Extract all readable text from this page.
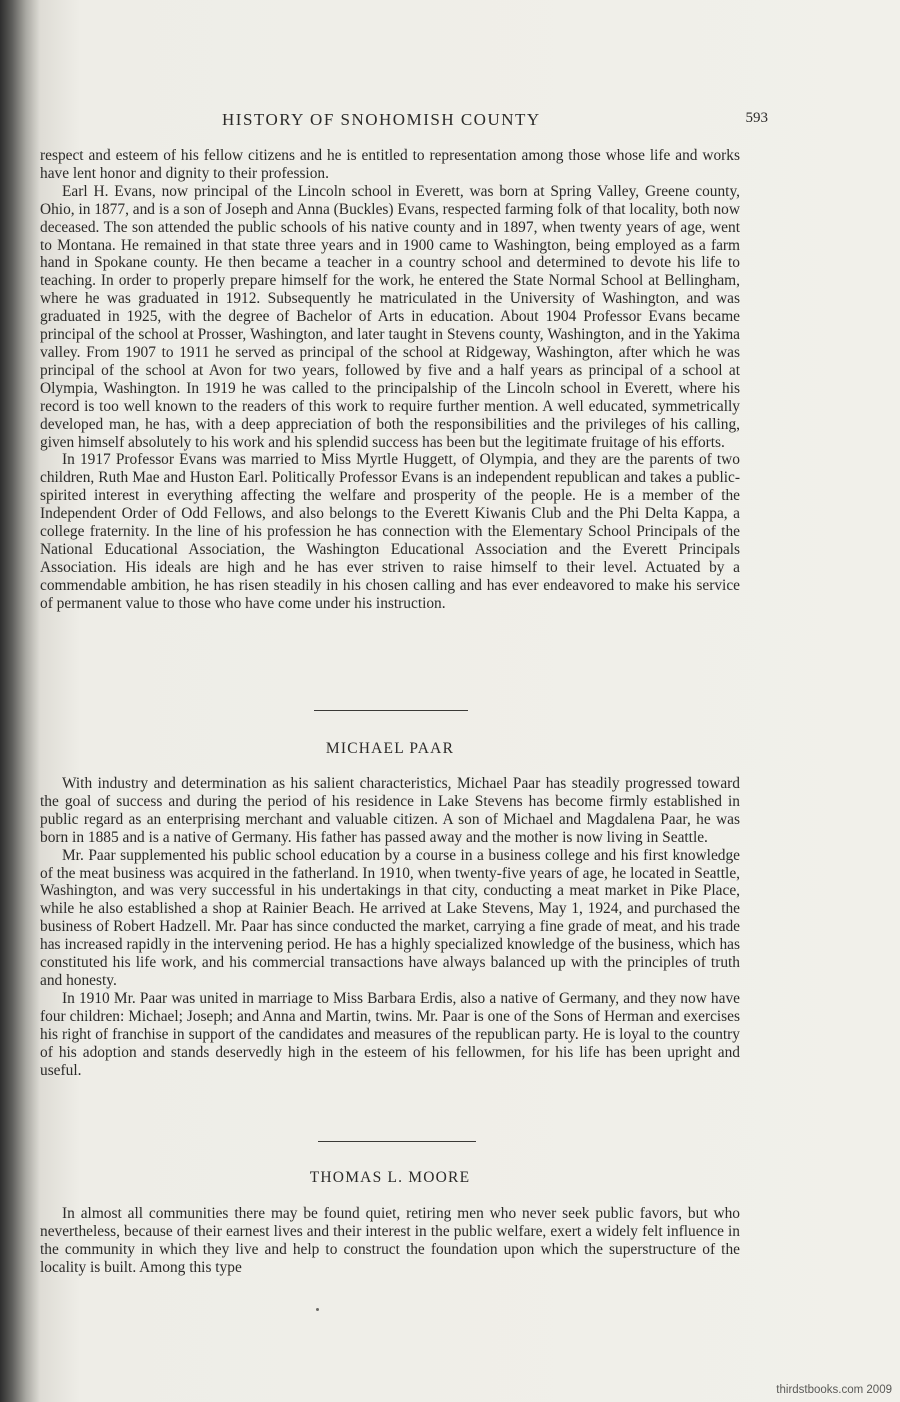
HISTORY OF SNOHOMISH COUNTY	593

respect and esteem of his fellow citizens and he is entitled to representation among those whose life and works have lent honor and dignity to their profession.

Earl H. Evans, now principal of the Lincoln school in Everett, was born at Spring Valley, Greene county, Ohio, in 1877, and is a son of Joseph and Anna (Buckles) Evans, respected farming folk of that locality, both now deceased. The son attended the public schools of his native county and in 1897, when twenty years of age, went to Montana. He remained in that state three years and in 1900 came to Washington, being employed as a farm hand in Spokane county. He then became a teacher in a country school and determined to devote his life to teaching. In order to properly prepare himself for the work, he entered the State Normal School at Bellingham, where he was graduated in 1912. Subsequently he matriculated in the University of Washington, and was graduated in 1925, with the degree of Bachelor of Arts in education. About 1904 Professor Evans became principal of the school at Prosser, Washington, and later taught in Stevens county, Washington, and in the Yakima valley. From 1907 to 1911 he served as principal of the school at Ridgeway, Washington, after which he was principal of the school at Avon for two years, followed by five and a half years as principal of a school at Olympia, Washington. In 1919 he was called to the principalship of the Lincoln school in Everett, where his record is too well known to the readers of this work to require further mention. A well educated, symmetrically developed man, he has, with a deep appreciation of both the responsibilities and the privileges of his calling, given himself absolutely to his work and his splendid success has been but the legitimate fruitage of his efforts.

In 1917 Professor Evans was married to Miss Myrtle Huggett, of Olympia, and they are the parents of two children, Ruth Mae and Huston Earl. Politically Professor Evans is an independent republican and takes a public-spirited interest in everything affecting the welfare and prosperity of the people. He is a member of the Independent Order of Odd Fellows, and also belongs to the Everett Kiwanis Club and the Phi Delta Kappa, a college fraternity. In the line of his profession he has connection with the Elementary School Principals of the National Educational Association, the Washington Educational Association and the Everett Principals Association. His ideals are high and he has ever striven to raise himself to their level. Actuated by a commendable ambition, he has risen steadily in his chosen calling and has ever endeavored to make his service of permanent value to those who have come under his instruction.

MICHAEL PAAR

With industry and determination as his salient characteristics, Michael Paar has steadily progressed toward the goal of success and during the period of his residence in Lake Stevens has become firmly established in public regard as an enterprising merchant and valuable citizen. A son of Michael and Magdalena Paar, he was born in 1885 and is a native of Germany. His father has passed away and the mother is now living in Seattle.

Mr. Paar supplemented his public school education by a course in a business college and his first knowledge of the meat business was acquired in the fatherland. In 1910, when twenty-five years of age, he located in Seattle, Washington, and was very successful in his undertakings in that city, conducting a meat market in Pike Place, while he also established a shop at Rainier Beach. He arrived at Lake Stevens, May 1, 1924, and purchased the business of Robert Hadzell. Mr. Paar has since conducted the market, carrying a fine grade of meat, and his trade has increased rapidly in the intervening period. He has a highly specialized knowledge of the business, which has constituted his life work, and his commercial transactions have always balanced up with the principles of truth and honesty.

In 1910 Mr. Paar was united in marriage to Miss Barbara Erdis, also a native of Germany, and they now have four children: Michael; Joseph; and Anna and Martin, twins. Mr. Paar is one of the Sons of Herman and exercises his right of franchise in support of the candidates and measures of the republican party. He is loyal to the country of his adoption and stands deservedly high in the esteem of his fellowmen, for his life has been upright and useful.

THOMAS L. MOORE

In almost all communities there may be found quiet, retiring men who never seek public favors, but who nevertheless, because of their earnest lives and their interest in the public welfare, exert a widely felt influence in the community in which they live and help to construct the foundation upon which the superstructure of the locality is built. Among this type

thirdstbooks.com 2009
